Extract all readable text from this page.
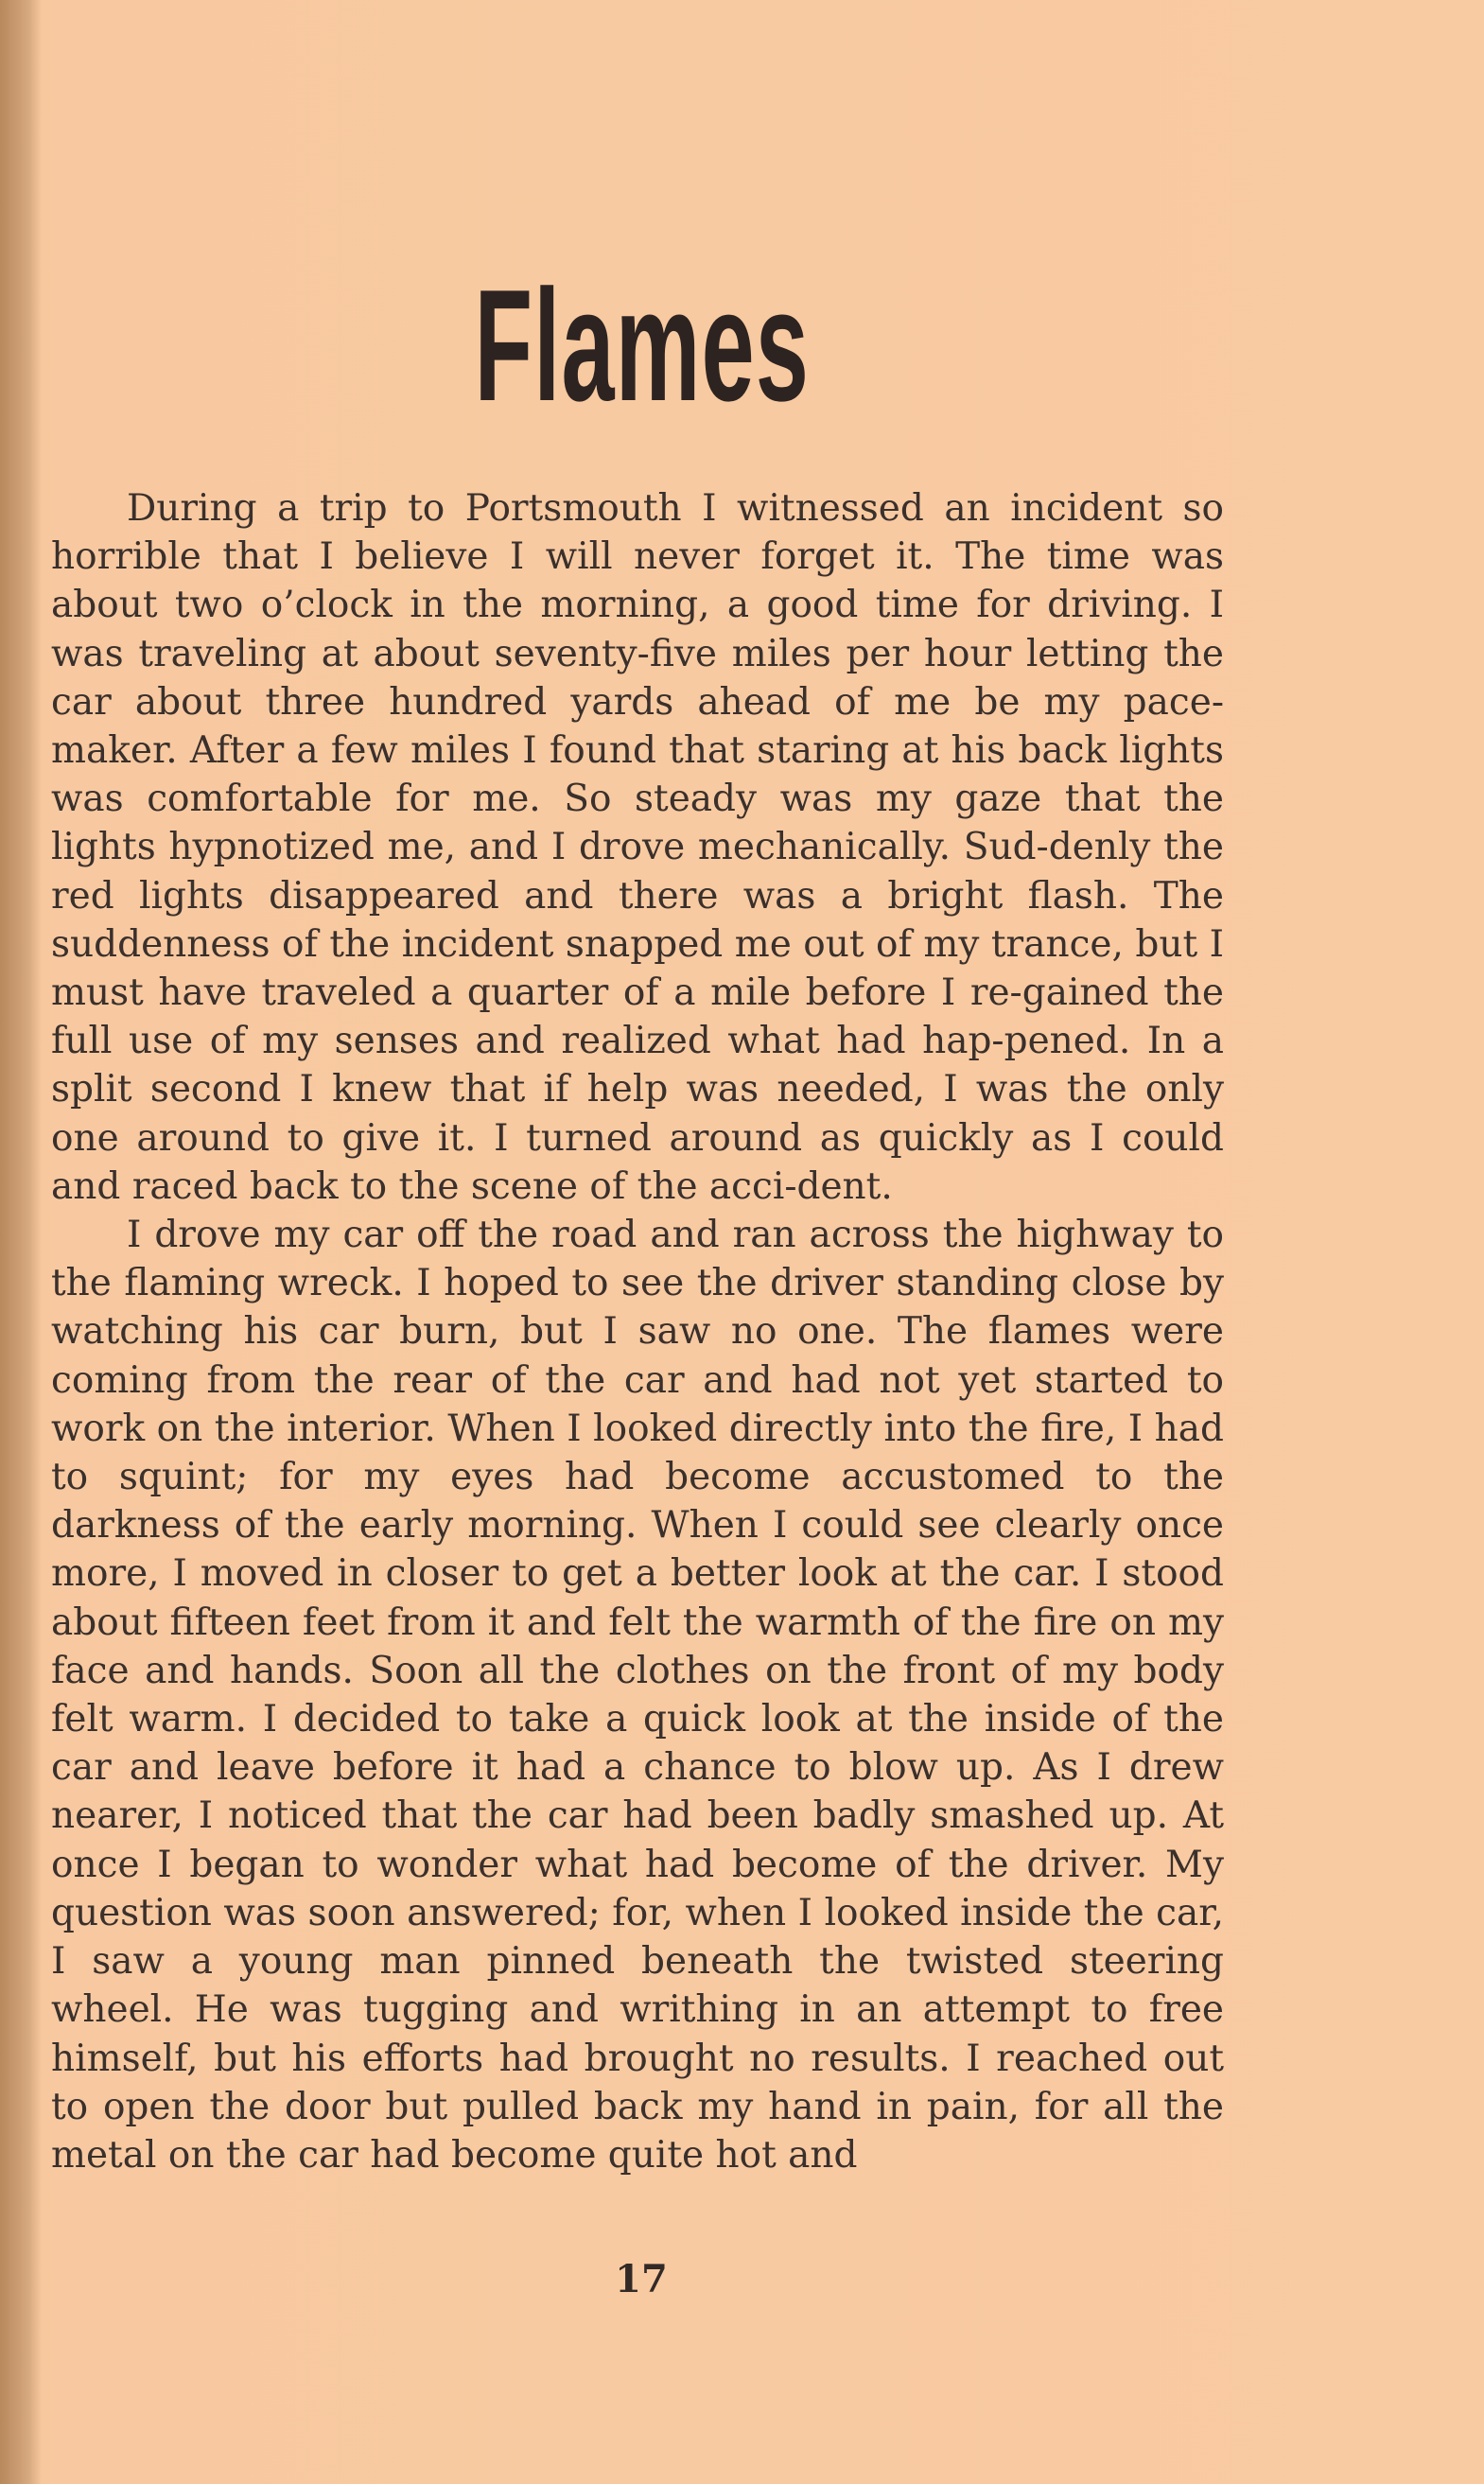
Flames

During a trip to Portsmouth I witnessed an incident so horrible that I believe I will never forget it. The time was about two o’clock in the morning, a good time for driving. I was traveling at about seventy-five miles per hour letting the car about three hundred yards ahead of me be my pace-maker. After a few miles I found that staring at his back lights was comfortable for me. So steady was my gaze that the lights hypnotized me, and I drove mechanically. Sud-denly the red lights disappeared and there was a bright flash. The suddenness of the incident snapped me out of my trance, but I must have traveled a quarter of a mile before I re-gained the full use of my senses and realized what had hap-pened. In a split second I knew that if help was needed, I was the only one around to give it. I turned around as quickly as I could and raced back to the scene of the acci-dent.

I drove my car off the road and ran across the highway to the flaming wreck. I hoped to see the driver standing close by watching his car burn, but I saw no one. The flames were coming from the rear of the car and had not yet started to work on the interior. When I looked directly into the fire, I had to squint; for my eyes had become accustomed to the darkness of the early morning. When I could see clearly once more, I moved in closer to get a better look at the car. I stood about fifteen feet from it and felt the warmth of the fire on my face and hands. Soon all the clothes on the front of my body felt warm. I decided to take a quick look at the inside of the car and leave before it had a chance to blow up. As I drew nearer, I noticed that the car had been badly smashed up. At once I began to wonder what had become of the driver. My question was soon answered; for, when I looked inside the car, I saw a young man pinned beneath the twisted steering wheel. He was tugging and writhing in an attempt to free himself, but his efforts had brought no results. I reached out to open the door but pulled back my hand in pain, for all the metal on the car had become quite hot and

17
